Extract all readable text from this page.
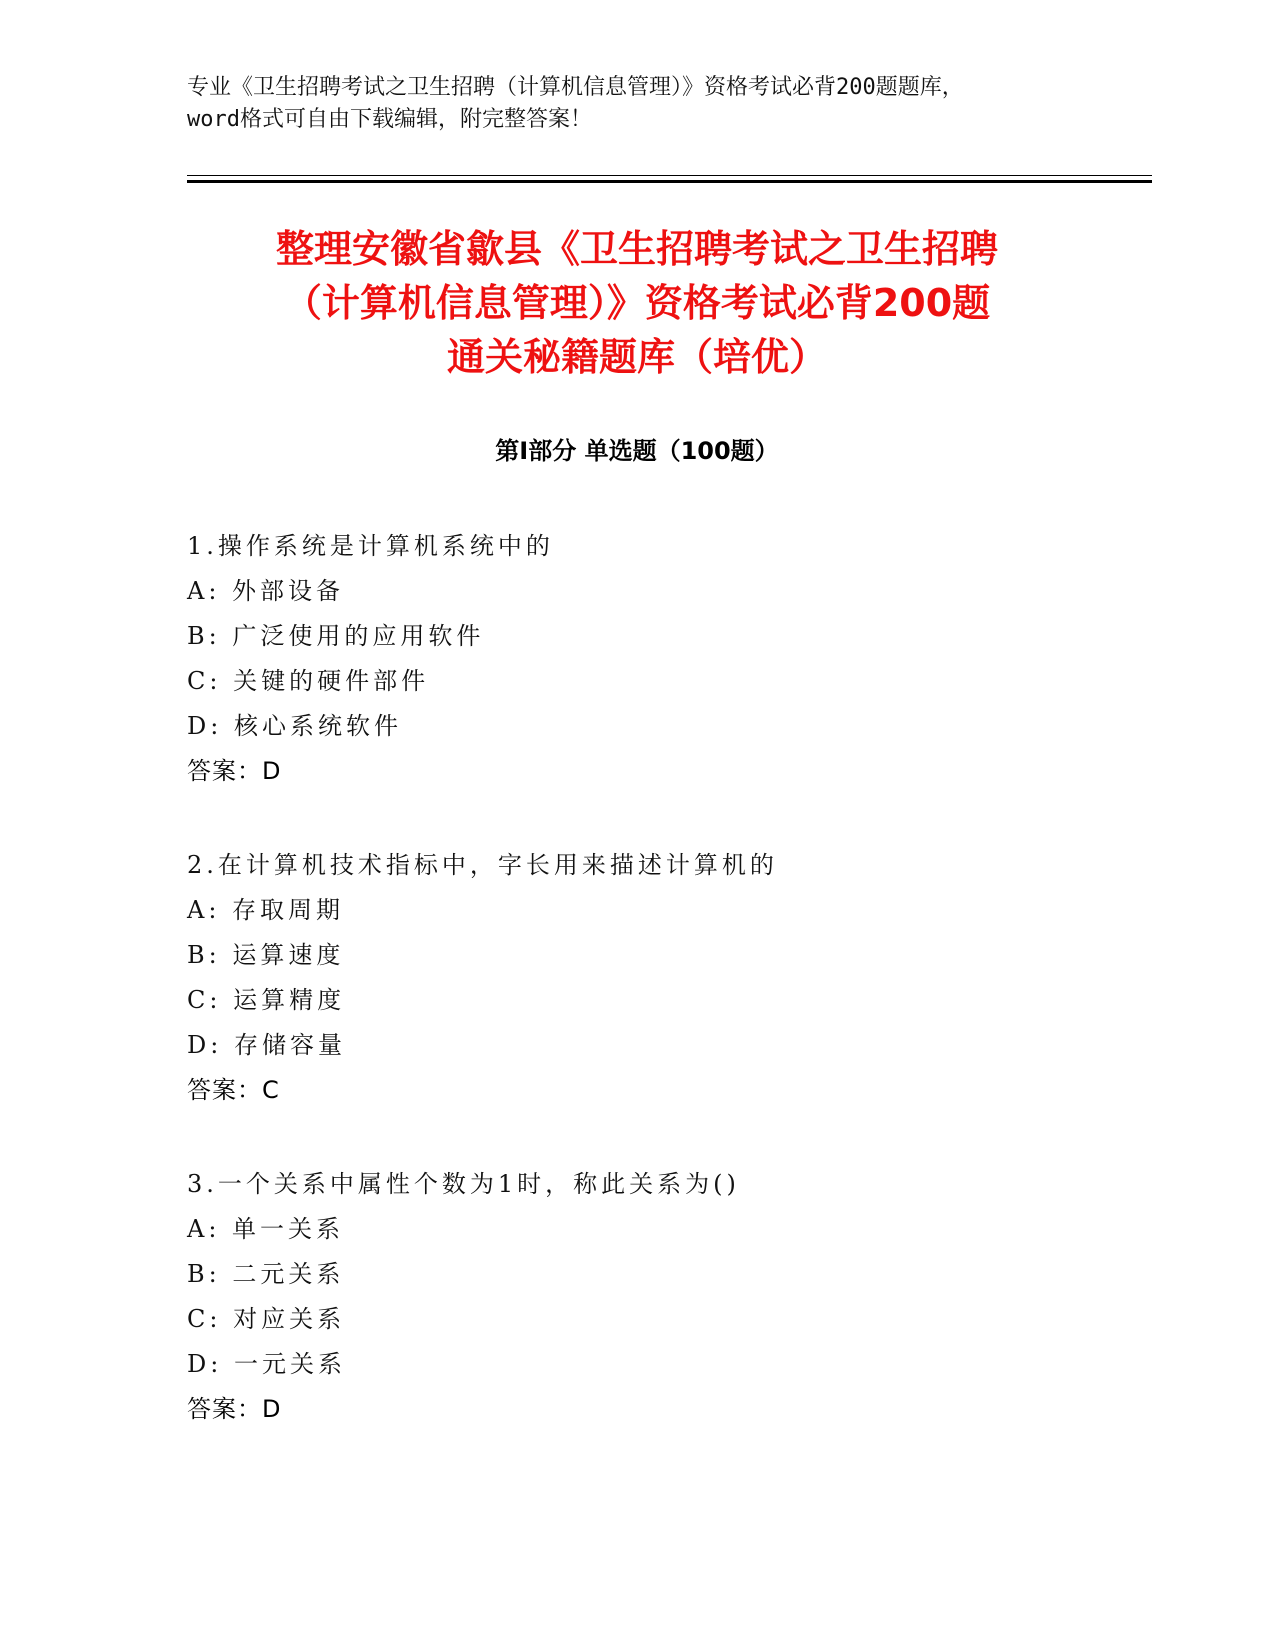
专业《卫生招聘考试之卫生招聘（计算机信息管理）》资格考试必背200题题库，

word格式可自由下载编辑，附完整答案！

整理安徽省歙县《卫生招聘考试之卫生招聘
（计算机信息管理）》资格考试必背200题
通关秘籍题库（培优）
第Ⅰ部分 单选题（100题）

1.操作系统是计算机系统中的

A: 外部设备

B: 广泛使用的应用软件

C: 关键的硬件部件

D: 核心系统软件

答案：D

2.在计算机技术指标中，字长用来描述计算机的

A: 存取周期

B: 运算速度

C: 运算精度

D: 存储容量

答案：C

3.一个关系中属性个数为1时，称此关系为()

A: 单一关系

B: 二元关系

C: 对应关系

D: 一元关系

答案：D
